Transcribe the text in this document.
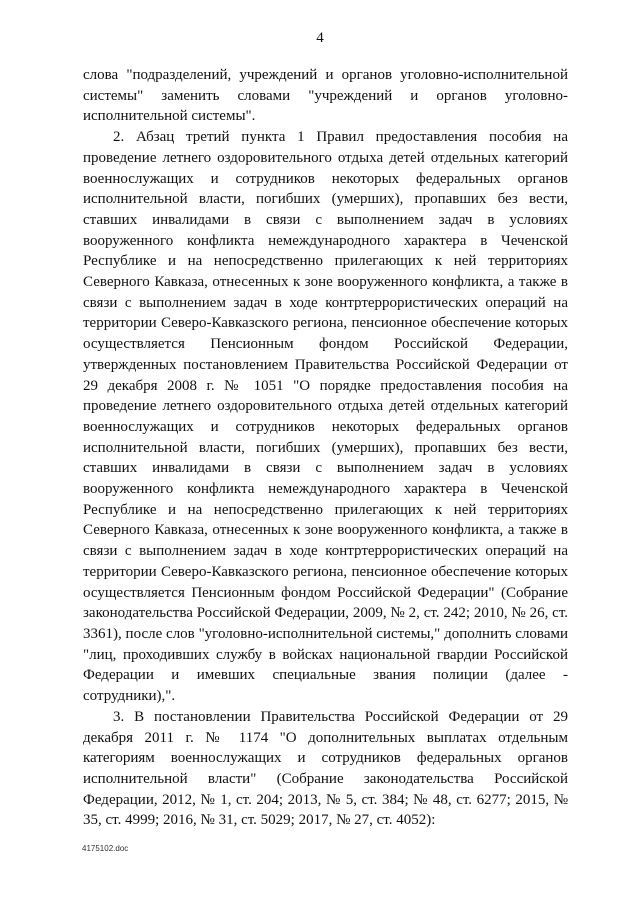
4

слова "подразделений, учреждений и органов уголовно-исполнительной системы" заменить словами "учреждений и органов уголовно-исполнительной системы".

2. Абзац третий пункта 1 Правил предоставления пособия на проведение летнего оздоровительного отдыха детей отдельных категорий военнослужащих и сотрудников некоторых федеральных органов исполнительной власти, погибших (умерших), пропавших без вести, ставших инвалидами в связи с выполнением задач в условиях вооруженного конфликта немеждународного характера в Чеченской Республике и на непосредственно прилегающих к ней территориях Северного Кавказа, отнесенных к зоне вооруженного конфликта, а также в связи с выполнением задач в ходе контртеррористических операций на территории Северо-Кавказского региона, пенсионное обеспечение которых осуществляется Пенсионным фондом Российской Федерации, утвержденных постановлением Правительства Российской Федерации от 29 декабря 2008 г. № 1051 "О порядке предоставления пособия на проведение летнего оздоровительного отдыха детей отдельных категорий военнослужащих и сотрудников некоторых федеральных органов исполнительной власти, погибших (умерших), пропавших без вести, ставших инвалидами в связи с выполнением задач в условиях вооруженного конфликта немеждународного характера в Чеченской Республике и на непосредственно прилегающих к ней территориях Северного Кавказа, отнесенных к зоне вооруженного конфликта, а также в связи с выполнением задач в ходе контртеррористических операций на территории Северо-Кавказского региона, пенсионное обеспечение которых осуществляется Пенсионным фондом Российской Федерации" (Собрание законодательства Российской Федерации, 2009, № 2, ст. 242; 2010, № 26, ст. 3361), после слов "уголовно-исполнительной системы," дополнить словами "лиц, проходивших службу в войсках национальной гвардии Российской Федерации и имевших специальные звания полиции (далее - сотрудники),".

3. В постановлении Правительства Российской Федерации от 29 декабря 2011 г. № 1174 "О дополнительных выплатах отдельным категориям военнослужащих и сотрудников федеральных органов исполнительной власти" (Собрание законодательства Российской Федерации, 2012, № 1, ст. 204; 2013, № 5, ст. 384; № 48, ст. 6277; 2015, № 35, ст. 4999; 2016, № 31, ст. 5029; 2017, № 27, ст. 4052):

4175102.doc
